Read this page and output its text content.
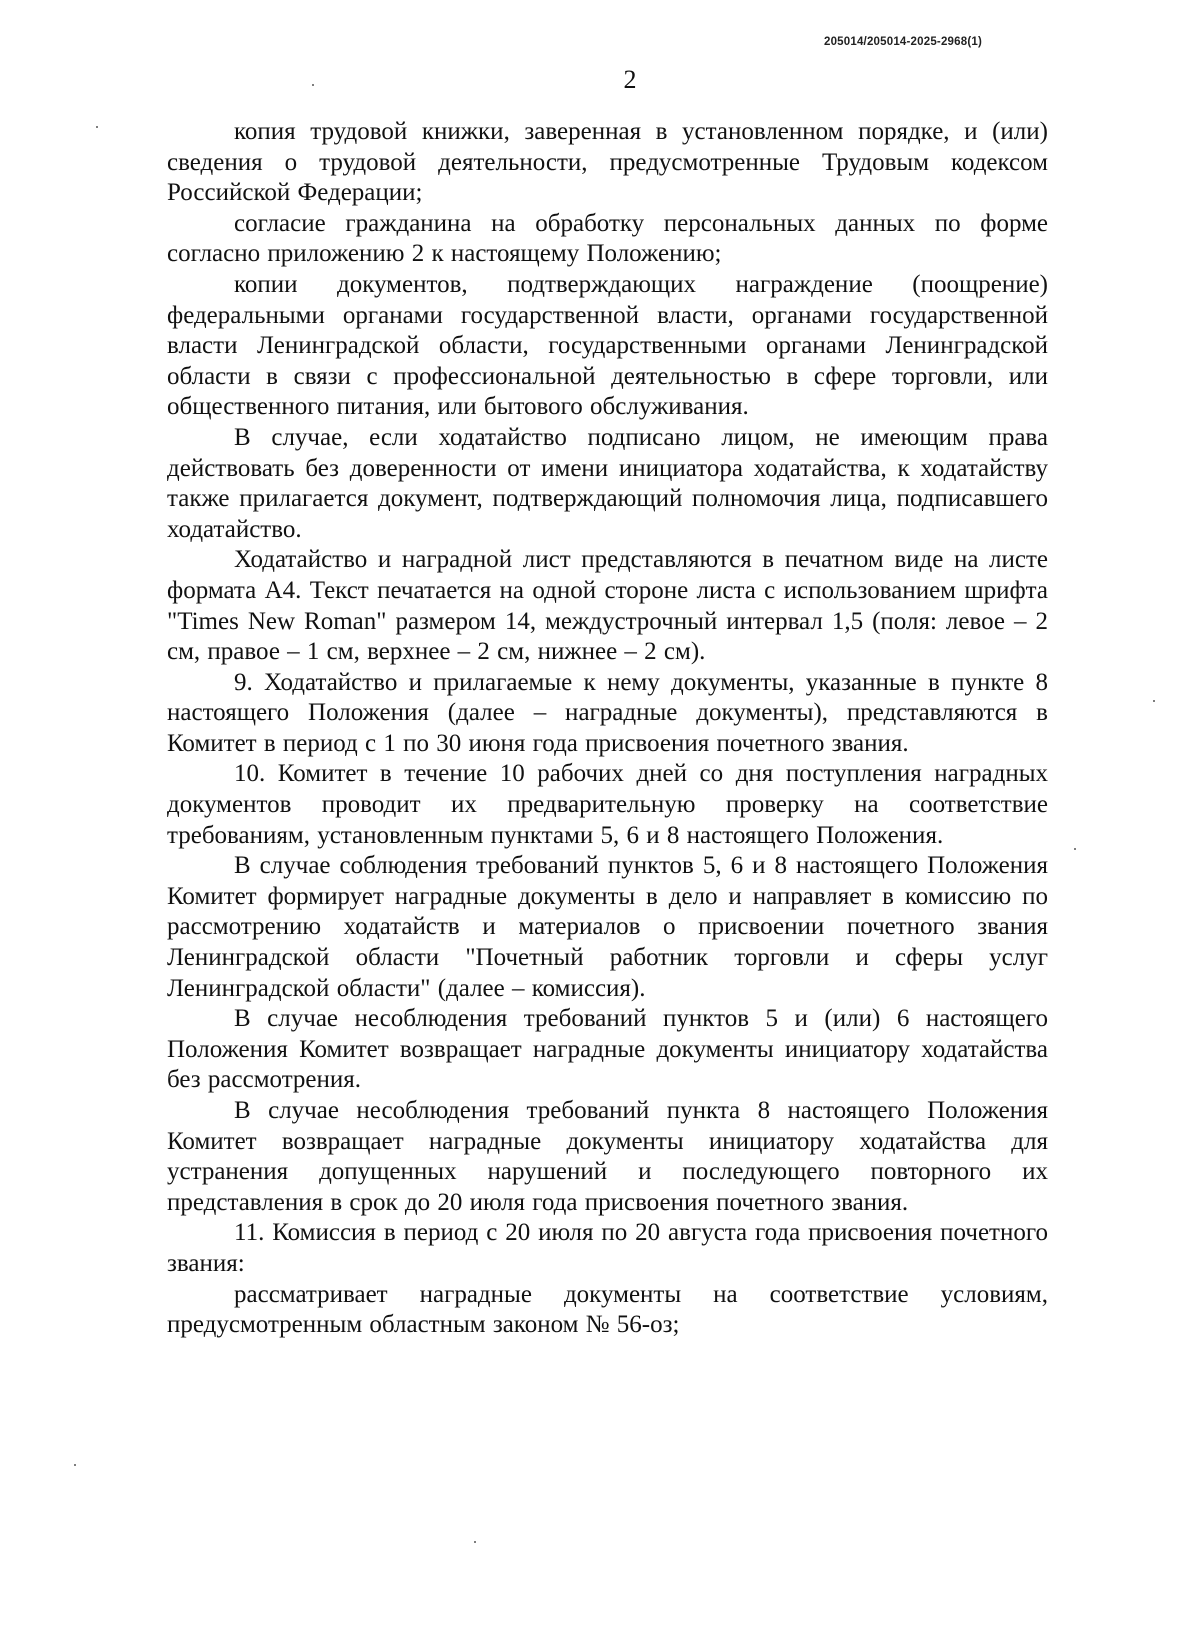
205014/205014-2025-2968(1)
2

копия трудовой книжки, заверенная в установленном порядке, и (или) сведения о трудовой деятельности, предусмотренные Трудовым кодексом Российской Федерации;

согласие гражданина на обработку персональных данных по форме согласно приложению 2 к настоящему Положению;

копии документов, подтверждающих награждение (поощрение) федеральными органами государственной власти, органами государственной власти Ленинградской области, государственными органами Ленинградской области в связи с профессиональной деятельностью в сфере торговли, или общественного питания, или бытового обслуживания.

В случае, если ходатайство подписано лицом, не имеющим права действовать без доверенности от имени инициатора ходатайства, к ходатайству также прилагается документ, подтверждающий полномочия лица, подписавшего ходатайство.

Ходатайство и наградной лист представляются в печатном виде на листе формата А4. Текст печатается на одной стороне листа с использованием шрифта "Times New Roman" размером 14, междустрочный интервал 1,5 (поля: левое – 2 см, правое – 1 см, верхнее – 2 см, нижнее – 2 см).

9. Ходатайство и прилагаемые к нему документы, указанные в пункте 8 настоящего Положения (далее – наградные документы), представляются в Комитет в период с 1 по 30 июня года присвоения почетного звания.

10. Комитет в течение 10 рабочих дней со дня поступления наградных документов проводит их предварительную проверку на соответствие требованиям, установленным пунктами 5, 6 и 8 настоящего Положения.

В случае соблюдения требований пунктов 5, 6 и 8 настоящего Положения Комитет формирует наградные документы в дело и направляет в комиссию по рассмотрению ходатайств и материалов о присвоении почетного звания Ленинградской области "Почетный работник торговли и сферы услуг Ленинградской области" (далее – комиссия).

В случае несоблюдения требований пунктов 5 и (или) 6 настоящего Положения Комитет возвращает наградные документы инициатору ходатайства без рассмотрения.

В случае несоблюдения требований пункта 8 настоящего Положения Комитет возвращает наградные документы инициатору ходатайства для устранения допущенных нарушений и последующего повторного их представления в срок до 20 июля года присвоения почетного звания.

11. Комиссия в период с 20 июля по 20 августа года присвоения почетного звания:

рассматривает наградные документы на соответствие условиям, предусмотренным областным законом № 56-оз;
